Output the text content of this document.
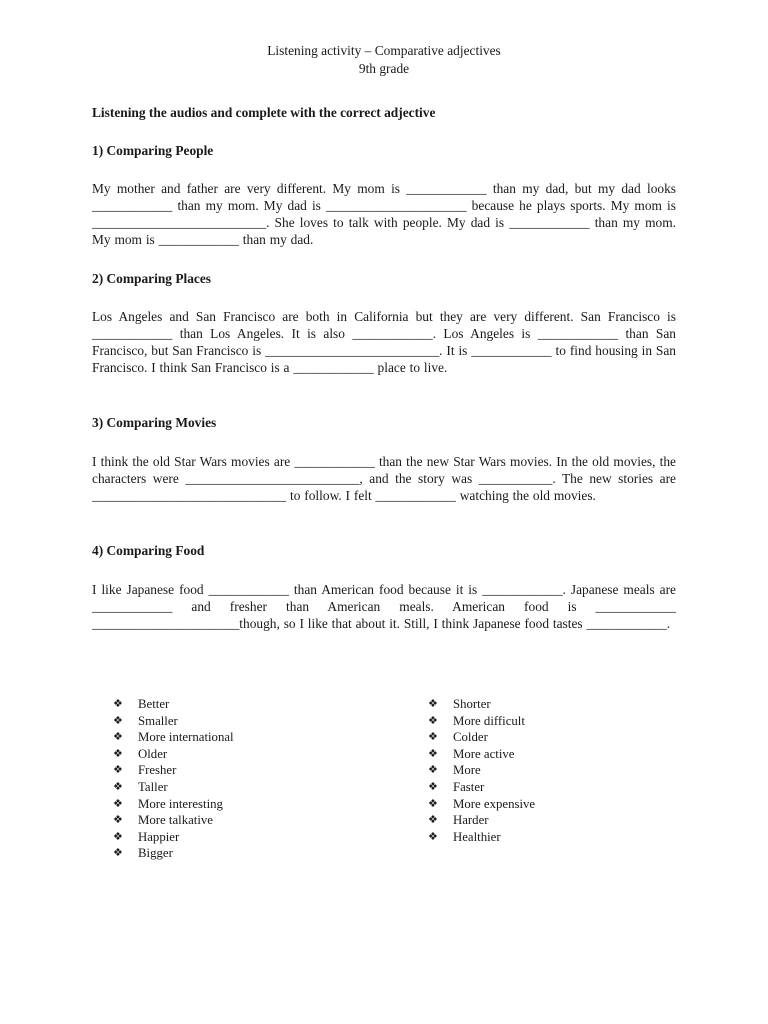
Listening activity – Comparative adjectives
9th grade
Listening the audios and complete with the correct adjective
1) Comparing People
My mother and father are very different. My mom is ____________ than my dad, but my dad looks ____________ than my mom. My dad is _____________________ because he plays sports. My mom is __________________________. She loves to talk with people. My dad is ____________ than my mom. My mom is ____________ than my dad.
2) Comparing Places
Los Angeles and San Francisco are both in California but they are very different. San Francisco is ____________ than Los Angeles. It is also ____________. Los Angeles is ____________ than San Francisco, but San Francisco is __________________________. It is ____________ to find housing in San Francisco. I think San Francisco is a ____________ place to live.
3) Comparing Movies
I think the old Star Wars movies are ____________ than the new Star Wars movies. In the old movies, the characters were __________________________, and the story was ___________. The new stories are _____________________________ to follow. I felt ____________ watching the old movies.
4) Comparing Food
I like Japanese food ____________ than American food because it is ____________. Japanese meals are ____________ and fresher than American meals. American food is ____________ ______________________though, so I like that about it. Still, I think Japanese food tastes ____________.
❖ Better
❖ Smaller
❖ More international
❖ Older
❖ Fresher
❖ Taller
❖ More interesting
❖ More talkative
❖ Happier
❖ Bigger
❖ Shorter
❖ More difficult
❖ Colder
❖ More active
❖ More
❖ Faster
❖ More expensive
❖ Harder
❖ Healthier
